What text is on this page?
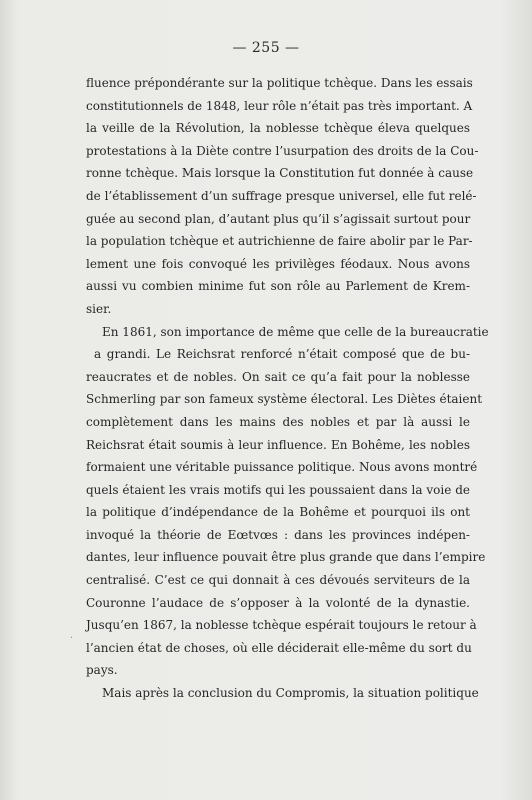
— 255 —
fluence prépondérante sur la politique tchèque. Dans les essais
constitutionnels de 1848, leur rôle n’était pas très important. A
la veille de la Révolution, la noblesse tchèque éleva quelques
protestations à la Diète contre l’usurpation des droits de la Cou-
ronne tchèque. Mais lorsque la Constitution fut donnée à cause
de l’établissement d’un suffrage presque universel, elle fut relé-
guée au second plan, d’autant plus qu’il s’agissait surtout pour
la population tchèque et autrichienne de faire abolir par le Par-
lement une fois convoqué les privilèges féodaux. Nous avons
aussi vu combien minime fut son rôle au Parlement de Krem-
sier.
En 1861, son importance de même que celle de la bureaucratie
a grandi. Le Reichsrat renforcé n’était composé que de bu-
reaucrates et de nobles. On sait ce qu’a fait pour la noblesse
Schmerling par son fameux système électoral. Les Diètes étaient
complètement dans les mains des nobles et par là aussi le
Reichsrat était soumis à leur influence. En Bohême, les nobles
formaient une véritable puissance politique. Nous avons montré
quels étaient les vrais motifs qui les poussaient dans la voie de
la politique d’indépendance de la Bohême et pourquoi ils ont
invoqué la théorie de Eœtvœs : dans les provinces indépen-
dantes, leur influence pouvait être plus grande que dans l’empire
centralisé. C’est ce qui donnait à ces dévoués serviteurs de la
Couronne l’audace de s’opposer à la volonté de la dynastie.
Jusqu’en 1867, la noblesse tchèque espérait toujours le retour à
l’ancien état de choses, où elle déciderait elle-même du sort du
pays.
Mais après la conclusion du Compromis, la situation politique
.
